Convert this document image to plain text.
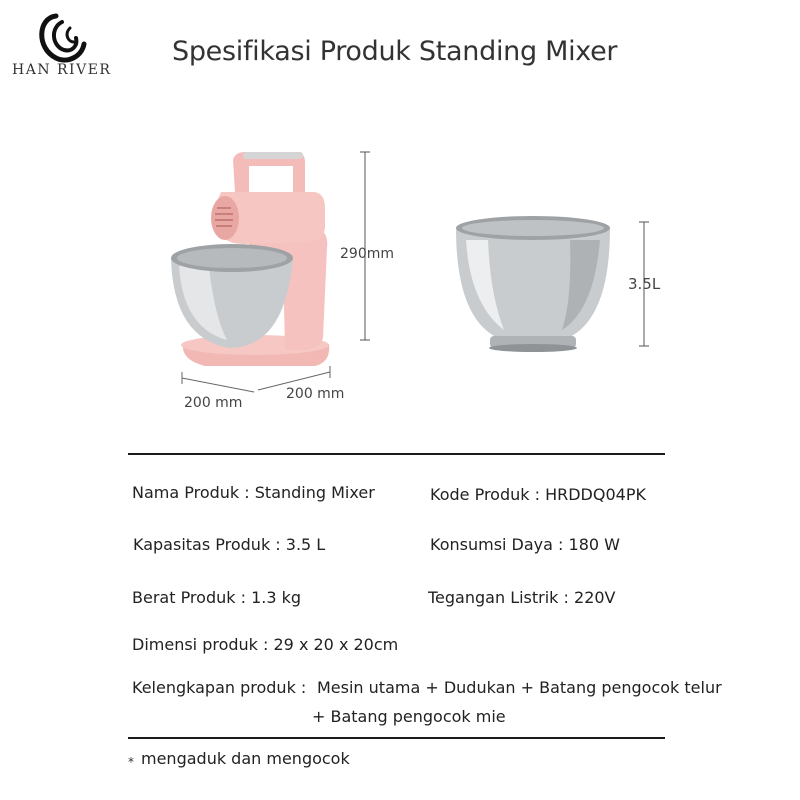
HAN RIVER
Spesifikasi Produk Standing Mixer
290mm
200 mm
200 mm
3.5L
Nama Produk : Standing Mixer	Kode Produk : HRDDQ04PK
Kapasitas Produk : 3.5 L	Konsumsi Daya : 180 W
Berat Produk : 1.3 kg	Tegangan Listrik : 220V
Dimensi produk : 29 x 20 x 20cm
Kelengkapan produk : Mesin utama + Dudukan + Batang pengocok telur
+ Batang pengocok mie
* mengaduk dan mengocok
